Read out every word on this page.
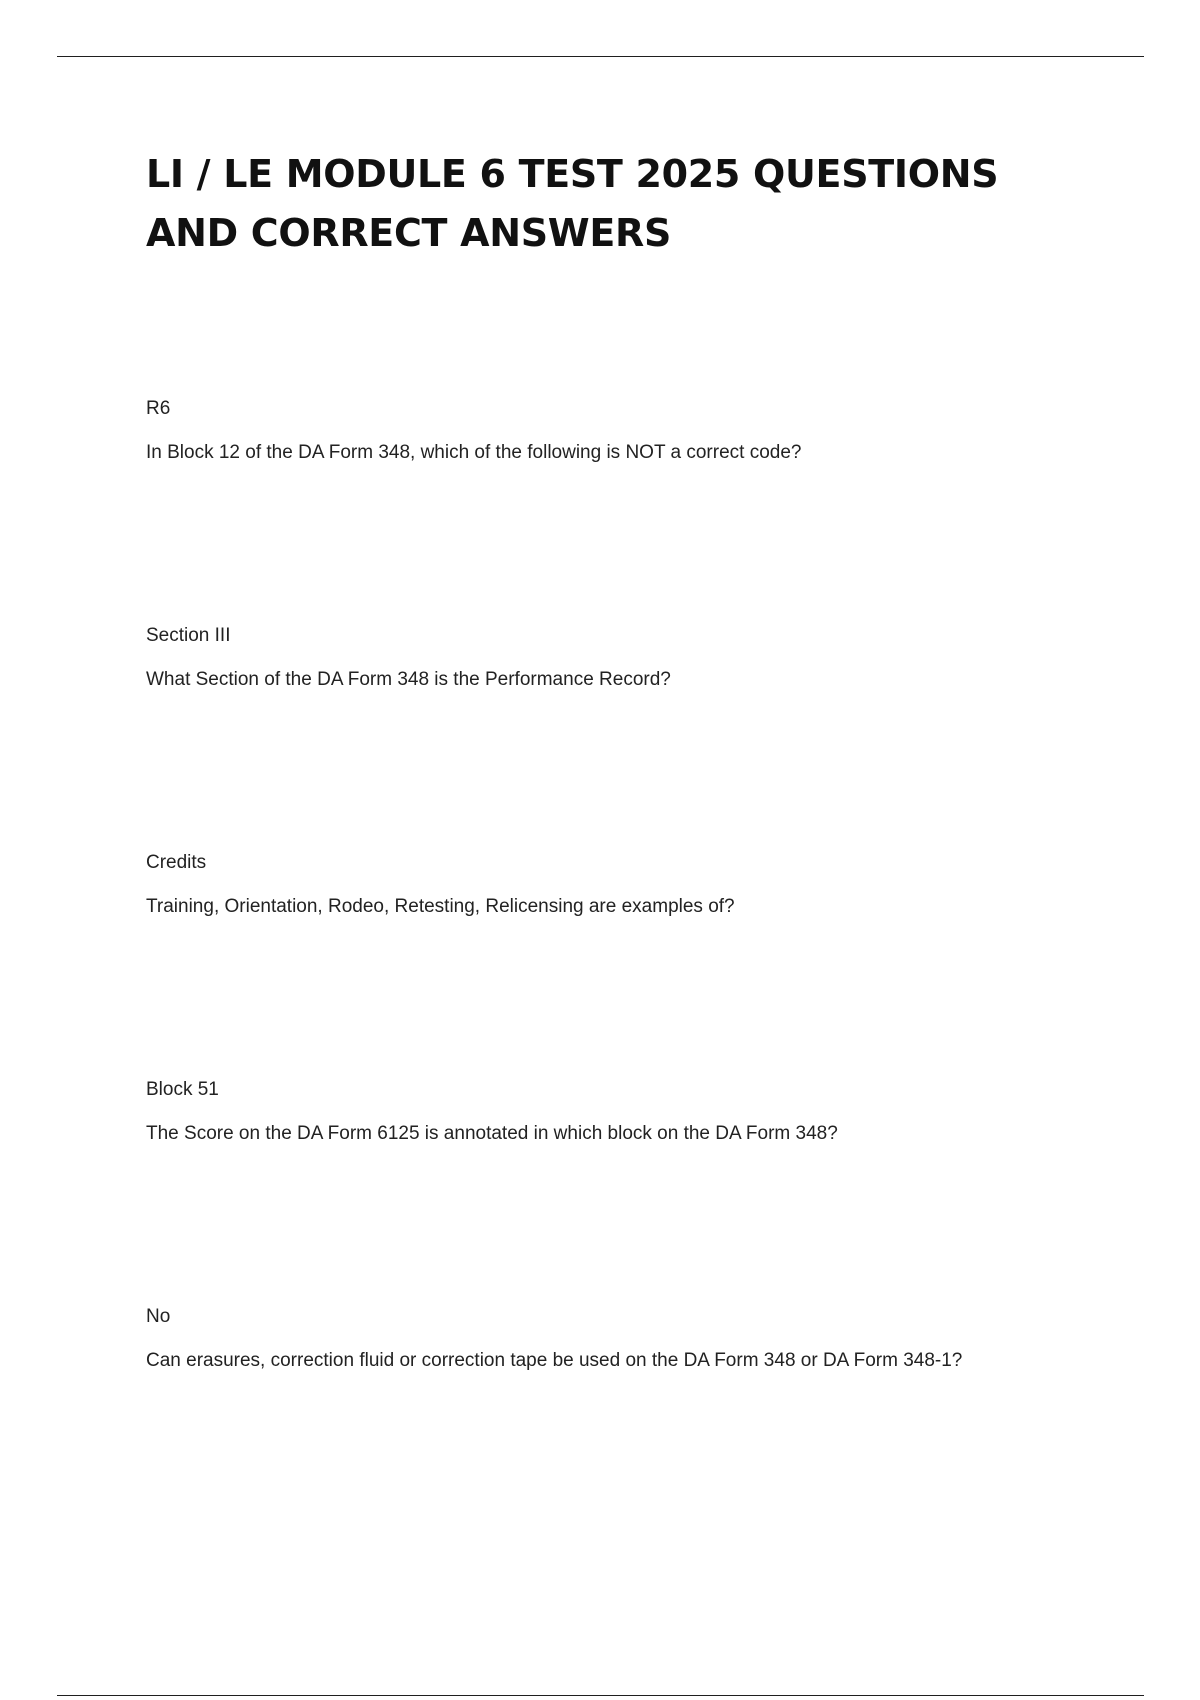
LI / LE MODULE 6 TEST 2025 QUESTIONS AND CORRECT ANSWERS

R6

In Block 12 of the DA Form 348, which of the following is NOT a correct code?

Section III

What Section of the DA Form 348 is the Performance Record?

Credits

Training, Orientation, Rodeo, Retesting, Relicensing are examples of?

Block 51

The Score on the DA Form 6125 is annotated in which block on the DA Form 348?

No

Can erasures, correction fluid or correction tape be used on the DA Form 348 or DA Form 348-1?
